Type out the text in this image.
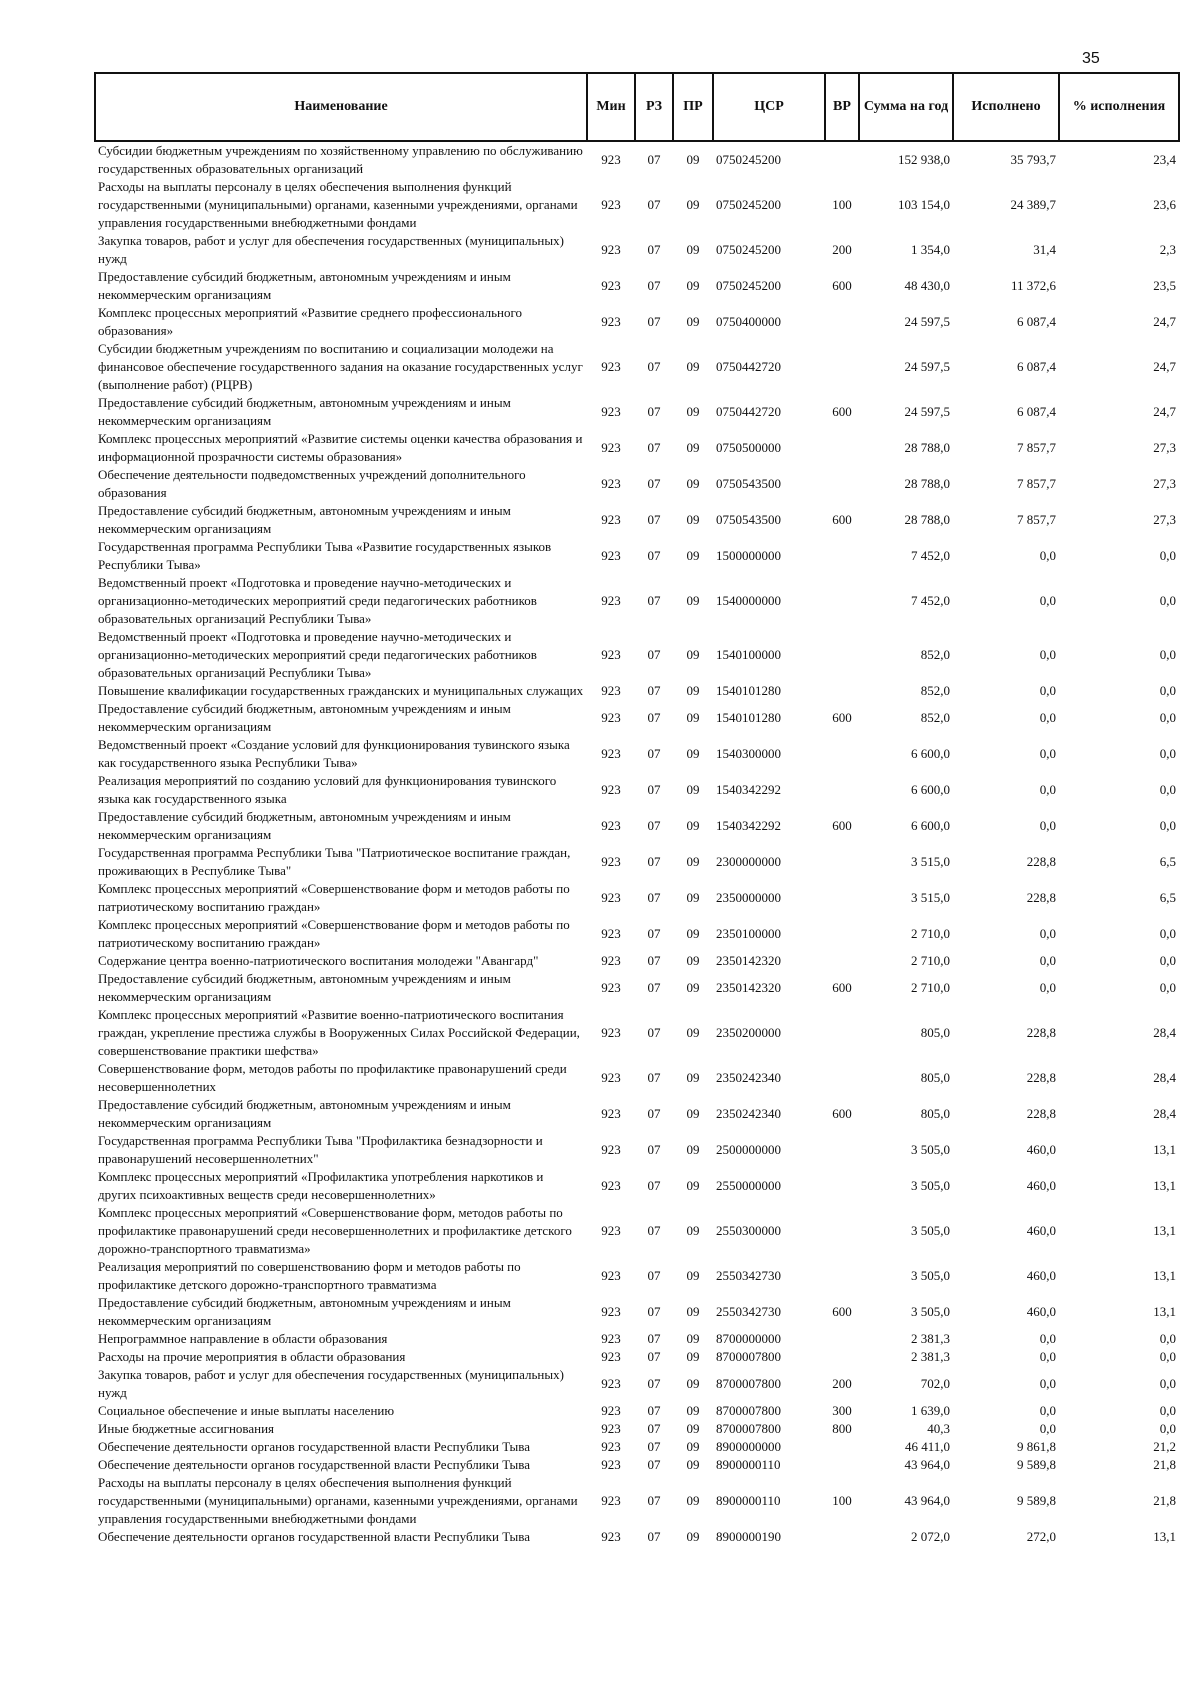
35
Наименование	Мин	РЗ	ПР	ЦСР	ВР	Сумма на год	Исполнено	% исполнения
Субсидии бюджетным учреждениям по хозяйственному управлению по обслуживанию государственных образовательных организаций	923	07	09	0750245200		152 938,0	35 793,7	23,4
Расходы на выплаты персоналу в целях обеспечения выполнения функций государственными (муниципальными) органами, казенными учреждениями, органами управления государственными внебюджетными фондами	923	07	09	0750245200	100	103 154,0	24 389,7	23,6
Закупка товаров, работ и услуг для обеспечения государственных (муниципальных) нужд	923	07	09	0750245200	200	1 354,0	31,4	2,3
Предоставление субсидий бюджетным, автономным учреждениям и иным некоммерческим организациям	923	07	09	0750245200	600	48 430,0	11 372,6	23,5
Комплекс процессных мероприятий «Развитие среднего профессионального образования»	923	07	09	0750400000		24 597,5	6 087,4	24,7
Субсидии бюджетным учреждениям по воспитанию и социализации молодежи на финансовое обеспечение государственного задания на оказание государственных услуг (выполнение работ) (РЦРВ)	923	07	09	0750442720		24 597,5	6 087,4	24,7
Предоставление субсидий бюджетным, автономным учреждениям и иным некоммерческим организациям	923	07	09	0750442720	600	24 597,5	6 087,4	24,7
Комплекс процессных мероприятий «Развитие системы оценки качества образования и информационной прозрачности системы образования»	923	07	09	0750500000		28 788,0	7 857,7	27,3
Обеспечение деятельности подведомственных учреждений дополнительного образования	923	07	09	0750543500		28 788,0	7 857,7	27,3
Предоставление субсидий бюджетным, автономным учреждениям и иным некоммерческим организациям	923	07	09	0750543500	600	28 788,0	7 857,7	27,3
Государственная программа Республики Тыва «Развитие государственных языков Республики Тыва»	923	07	09	1500000000		7 452,0	0,0	0,0
Ведомственный проект «Подготовка и проведение научно-методических и организационно-методических мероприятий среди педагогических работников образовательных организаций Республики Тыва»	923	07	09	1540000000		7 452,0	0,0	0,0
Ведомственный проект «Подготовка и проведение научно-методических и организационно-методических мероприятий среди педагогических работников образовательных организаций Республики Тыва»	923	07	09	1540100000		852,0	0,0	0,0
Повышение квалификации государственных гражданских и муниципальных служащих	923	07	09	1540101280		852,0	0,0	0,0
Предоставление субсидий бюджетным, автономным учреждениям и иным некоммерческим организациям	923	07	09	1540101280	600	852,0	0,0	0,0
Ведомственный проект «Создание условий для функционирования тувинского языка как государственного языка Республики Тыва»	923	07	09	1540300000		6 600,0	0,0	0,0
Реализация мероприятий по созданию условий для функционирования тувинского языка как государственного языка	923	07	09	1540342292		6 600,0	0,0	0,0
Предоставление субсидий бюджетным, автономным учреждениям и иным некоммерческим организациям	923	07	09	1540342292	600	6 600,0	0,0	0,0
Государственная программа Республики Тыва "Патриотическое воспитание граждан, проживающих в Республике Тыва"	923	07	09	2300000000		3 515,0	228,8	6,5
Комплекс процессных мероприятий «Совершенствование форм и методов работы по патриотическому воспитанию граждан»	923	07	09	2350000000		3 515,0	228,8	6,5
Комплекс процессных мероприятий «Совершенствование форм и методов работы по патриотическому воспитанию граждан»	923	07	09	2350100000		2 710,0	0,0	0,0
Содержание центра военно-патриотического воспитания молодежи "Авангард"	923	07	09	2350142320		2 710,0	0,0	0,0
Предоставление субсидий бюджетным, автономным учреждениям и иным некоммерческим организациям	923	07	09	2350142320	600	2 710,0	0,0	0,0
Комплекс процессных мероприятий «Развитие военно-патриотического воспитания граждан, укрепление престижа службы в Вооруженных Силах Российской Федерации, совершенствование практики шефства»	923	07	09	2350200000		805,0	228,8	28,4
Совершенствование форм, методов работы по профилактике правонарушений среди несовершеннолетних	923	07	09	2350242340		805,0	228,8	28,4
Предоставление субсидий бюджетным, автономным учреждениям и иным некоммерческим организациям	923	07	09	2350242340	600	805,0	228,8	28,4
Государственная программа Республики Тыва "Профилактика безнадзорности и правонарушений несовершеннолетних"	923	07	09	2500000000		3 505,0	460,0	13,1
Комплекс процессных мероприятий «Профилактика употребления наркотиков и других психоактивных веществ среди несовершеннолетних»	923	07	09	2550000000		3 505,0	460,0	13,1
Комплекс процессных мероприятий «Совершенствование форм, методов работы по профилактике правонарушений среди несовершеннолетних и профилактике детского дорожно-транспортного травматизма»	923	07	09	2550300000		3 505,0	460,0	13,1
Реализация мероприятий по совершенствованию форм и методов работы по профилактике детского дорожно-транспортного травматизма	923	07	09	2550342730		3 505,0	460,0	13,1
Предоставление субсидий бюджетным, автономным учреждениям и иным некоммерческим организациям	923	07	09	2550342730	600	3 505,0	460,0	13,1
Непрограммное направление в области образования	923	07	09	8700000000		2 381,3	0,0	0,0
Расходы на прочие мероприятия в области образования	923	07	09	8700007800		2 381,3	0,0	0,0
Закупка товаров, работ и услуг для обеспечения государственных (муниципальных) нужд	923	07	09	8700007800	200	702,0	0,0	0,0
Социальное обеспечение и иные выплаты населению	923	07	09	8700007800	300	1 639,0	0,0	0,0
Иные бюджетные ассигнования	923	07	09	8700007800	800	40,3	0,0	0,0
Обеспечение деятельности органов государственной власти Республики Тыва	923	07	09	8900000000		46 411,0	9 861,8	21,2
Обеспечение деятельности органов государственной власти Республики Тыва	923	07	09	8900000110		43 964,0	9 589,8	21,8
Расходы на выплаты персоналу в целях обеспечения выполнения функций государственными (муниципальными) органами, казенными учреждениями, органами управления государственными внебюджетными фондами	923	07	09	8900000110	100	43 964,0	9 589,8	21,8
Обеспечение деятельности органов государственной власти Республики Тыва	923	07	09	8900000190		2 072,0	272,0	13,1
